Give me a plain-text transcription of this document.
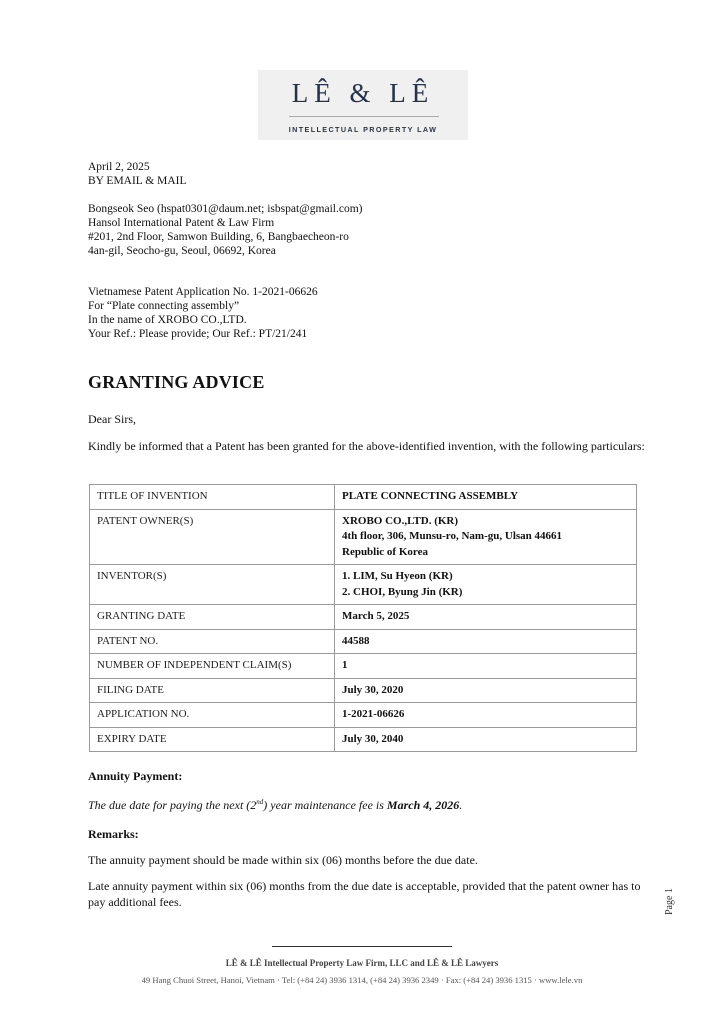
LÊ & LÊ
INTELLECTUAL PROPERTY LAW
April 2, 2025
BY EMAIL & MAIL
Bongseok Seo (hspat0301@daum.net; isbspat@gmail.com)
Hansol International Patent & Law Firm
#201, 2nd Floor, Samwon Building, 6, Bangbaecheon-ro
4an-gil, Seocho-gu, Seoul, 06692, Korea
Vietnamese Patent Application No. 1-2021-06626
For “Plate connecting assembly”
In the name of XROBO CO.,LTD.
Your Ref.: Please provide; Our Ref.: PT/21/241
GRANTING ADVICE
Dear Sirs,
Kindly be informed that a Patent has been granted for the above-identified invention, with the following particulars:
TITLE OF INVENTION	PLATE CONNECTING ASSEMBLY

PATENT OWNER(S)	XROBO CO.,LTD. (KR)
4th floor, 306, Munsu-ro, Nam-gu, Ulsan 44661
Republic of Korea

INVENTOR(S)	1. LIM, Su Hyeon (KR)
2. CHOI, Byung Jin (KR)

GRANTING DATE	March 5, 2025

PATENT NO.	44588

NUMBER OF INDEPENDENT CLAIM(S)	1

FILING DATE	July 30, 2020

APPLICATION NO.	1-2021-06626

EXPIRY DATE	July 30, 2040
Annuity Payment:
The due date for paying the next (2nd) year maintenance fee is March 4, 2026.
Remarks:
The annuity payment should be made within six (06) months before the due date.
Late annuity payment within six (06) months from the due date is acceptable, provided that the patent owner has to pay additional fees.	Page 1
LÊ & LÊ Intellectual Property Law Firm, LLC and LÊ & LÊ Lawyers
49 Hang Chuoi Street, Hanoi, Vietnam · Tel: (+84 24) 3936 1314, (+84 24) 3936 2349 · Fax: (+84 24) 3936 1315 · www.lele.vn
